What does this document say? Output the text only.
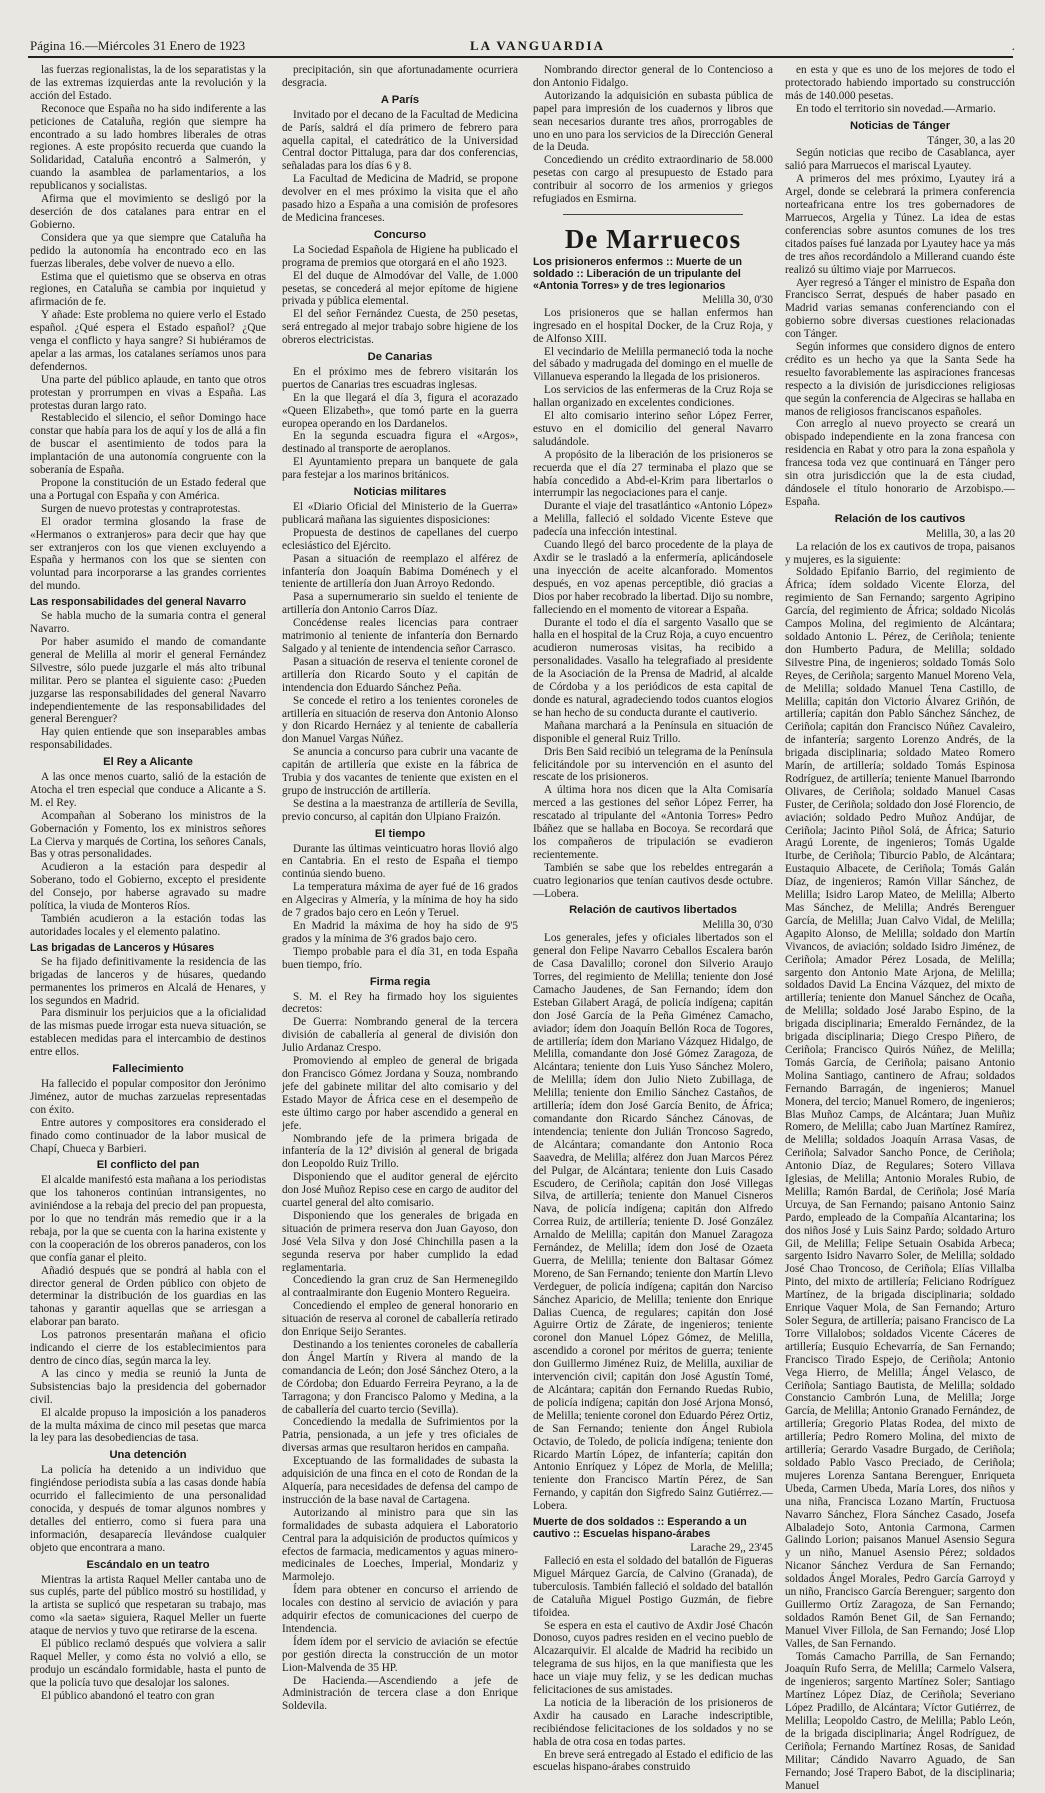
Página 16.—Miércoles 31 Enero de 1923	LA VANGUARDIA	.

las fuerzas regionalistas, la de los separatistas y la de las extremas izquierdas ante la revolución y la acción del Estado.

Reconoce que España no ha sido indiferente a las peticiones de Cataluña, región que siempre ha encontrado a su lado hombres liberales de otras regiones. A este propósito recuerda que cuando la Solidaridad, Cataluña encontró a Salmerón, y cuando la asamblea de parlamentarios, a los republicanos y socialistas.

Afirma que el movimiento se desligó por la deserción de dos catalanes para entrar en el Gobierno.

Considera que ya que siempre que Cataluña ha pedido la autonomía ha encontrado eco en las fuerzas liberales, debe volver de nuevo a ello.

Estima que el quietismo que se observa en otras regiones, en Cataluña se cambia por inquietud y afirmación de fe.

Y añade: Este problema no quiere verlo el Estado español. ¿Qué espera el Estado español? ¿Que venga el conflicto y haya sangre? Si hubiéramos de apelar a las armas, los catalanes seríamos unos para defendernos.

Una parte del público aplaude, en tanto que otros protestan y prorrumpen en vivas a España. Las protestas duran largo rato.

Restablecido el silencio, el señor Domingo hace constar que había para los de aquí y los de allá a fin de buscar el asentimiento de todos para la implantación de una autonomía congruente con la soberanía de España.

Propone la constitución de un Estado federal que una a Portugal con España y con América.

Surgen de nuevo protestas y contraprotestas.

El orador termina glosando la frase de «Hermanos o extranjeros» para decir que hay que ser extranjeros con los que vienen excluyendo a España y hermanos con los que se sienten con voluntad para incorporarse a las grandes corrientes del mundo.

Las responsabilidades del general Navarro

Se habla mucho de la sumaria contra el general Navarro.

Por haber asumido el mando de comandante general de Melilla al morir el general Fernández Silvestre, sólo puede juzgarle el más alto tribunal militar. Pero se plantea el siguiente caso: ¿Pueden juzgarse las responsabilidades del general Navarro independientemente de las responsabilidades del general Berenguer?

Hay quien entiende que son inseparables ambas responsabilidades.

El Rey a Alicante

A las once menos cuarto, salió de la estación de Atocha el tren especial que conduce a Alicante a S. M. el Rey.

Acompañan al Soberano los ministros de la Gobernación y Fomento, los ex ministros señores La Cierva y marqués de Cortina, los señores Canals, Bas y otras personalidades.

Acudieron a la estación para despedir al Soberano, todo el Gobierno, excepto el presidente del Consejo, por haberse agravado su madre política, la viuda de Monteros Ríos.

También acudieron a la estación todas las autoridades locales y el elemento palatino.

Las brigadas de Lanceros y Húsares

Se ha fijado definitivamente la residencia de las brigadas de lanceros y de húsares, quedando permanentes los primeros en Alcalá de Henares, y los segundos en Madrid.

Para disminuir los perjuicios que a la oficialidad de las mismas puede irrogar esta nueva situación, se establecen medidas para el intercambio de destinos entre ellos.

Fallecimiento

Ha fallecido el popular compositor don Jerónimo Jiménez, autor de muchas zarzuelas representadas con éxito.

Entre autores y compositores era considerado el finado como continuador de la labor musical de Chapí, Chueca y Barbieri.

El conflicto del pan

El alcalde manifestó esta mañana a los periodistas que los tahoneros continúan intransigentes, no aviniéndose a la rebaja del precio del pan propuesta, por lo que no tendrán más remedio que ir a la rebaja, por la que se cuenta con la harina existente y con la cooperación de los obreros panaderos, con los que confía ganar el pleito.

Añadió después que se pondrá al habla con el director general de Orden público con objeto de determinar la distribución de los guardias en las tahonas y garantir aquellas que se arriesgan a elaborar pan barato.

Los patronos presentarán mañana el oficio indicando el cierre de los establecimientos para dentro de cinco días, según marca la ley.

A las cinco y media se reunió la Junta de Subsistencias bajo la presidencia del gobernador civil.

El alcalde propuso la imposición a los panaderos de la multa máxima de cinco mil pesetas que marca la ley para las desobediencias de tasa.

Una detención

La policía ha detenido a un individuo que fingiéndose periodista subía a las casas donde había ocurrido el fallecimiento de una personalidad conocida, y después de tomar algunos nombres y detalles del entierro, como si fuera para una información, desaparecía llevándose cualquier objeto que encontrara a mano.

Escándalo en un teatro

Mientras la artista Raquel Meller cantaba uno de sus cuplés, parte del público mostró su hostilidad, y la artista se suplicó que respetaran su trabajo, mas como «la saeta» siguiera, Raquel Meller un fuerte ataque de nervios y tuvo que retirarse de la escena.

El público reclamó después que volviera a salir Raquel Meller, y como ésta no volvió a ello, se produjo un escándalo formidable, hasta el punto de que la policía tuvo que desalojar los salones.

El público abandonó el teatro con gran

precipitación, sin que afortunadamente ocurriera desgracia.

A París

Invitado por el decano de la Facultad de Medicina de París, saldrá el día primero de febrero para aquella capital, el catedrático de la Universidad Central doctor Pittaluga, para dar dos conferencias, señaladas para los días 6 y 8.

La Facultad de Medicina de Madrid, se propone devolver en el mes próximo la visita que el año pasado hizo a España a una comisión de profesores de Medicina franceses.

Concurso

La Sociedad Española de Higiene ha publicado el programa de premios que otorgará en el año 1923.

El del duque de Almodóvar del Valle, de 1.000 pesetas, se concederá al mejor epítome de higiene privada y pública elemental.

El del señor Fernández Cuesta, de 250 pesetas, será entregado al mejor trabajo sobre higiene de los obreros electricistas.

De Canarias

En el próximo mes de febrero visitarán los puertos de Canarias tres escuadras inglesas.

En la que llegará el día 3, figura el acorazado «Queen Elizabeth», que tomó parte en la guerra europea operando en los Dardanelos.

En la segunda escuadra figura el «Argos», destinado al transporte de aeroplanos.

El Ayuntamiento prepara un banquete de gala para festejar a los marinos británicos.

Noticias militares

El «Diario Oficial del Ministerio de la Guerra» publicará mañana las siguientes disposiciones:

Propuesta de destinos de capellanes del cuerpo eclesiástico del Ejército.

Pasan a situación de reemplazo el alférez de infantería don Joaquín Babima Doménech y el teniente de artillería don Juan Arroyo Redondo.

Pasa a supernumerario sin sueldo el teniente de artillería don Antonio Carros Díaz.

Concédense reales licencias para contraer matrimonio al teniente de infantería don Bernardo Salgado y al teniente de intendencia señor Carrasco.

Pasan a situación de reserva el teniente coronel de artillería don Ricardo Souto y el capitán de intendencia don Eduardo Sánchez Peña.

Se concede el retiro a los tenientes coroneles de artillería en situación de reserva don Antonio Alonso y don Ricardo Hernáez y al teniente de caballería don Manuel Vargas Núñez.

Se anuncia a concurso para cubrir una vacante de capitán de artillería que existe en la fábrica de Trubia y dos vacantes de teniente que existen en el grupo de instrucción de artillería.

Se destina a la maestranza de artillería de Sevilla, previo concurso, al capitán don Ulpiano Fraizón.

El tiempo

Durante las últimas veinticuatro horas llovió algo en Cantabria. En el resto de España el tiempo continúa siendo bueno.

La temperatura máxima de ayer fué de 16 grados en Algeciras y Almería, y la mínima de hoy ha sido de 7 grados bajo cero en León y Teruel.

En Madrid la máxima de hoy ha sido de 9'5 grados y la mínima de 3'6 grados bajo cero.

Tiempo probable para el día 31, en toda España buen tiempo, frío.

Firma regia

S. M. el Rey ha firmado hoy los siguientes decretos:

De Guerra: Nombrando general de la tercera división de caballería al general de división don Julio Ardanaz Crespo.

Promoviendo al empleo de general de brigada don Francisco Gómez Jordana y Souza, nombrando jefe del gabinete militar del alto comisario y del Estado Mayor de África cese en el desempeño de este último cargo por haber ascendido a general en jefe.

Nombrando jefe de la primera brigada de infantería de la 12ª división al general de brigada don Leopoldo Ruiz Trillo.

Disponiendo que el auditor general de ejército don José Muñoz Repiso cese en cargo de auditor del cuartel general del alto comisario.

Disponiendo que los generales de brigada en situación de primera reserva don Juan Gayoso, don José Vela Silva y don José Chinchilla pasen a la segunda reserva por haber cumplido la edad reglamentaria.

Concediendo la gran cruz de San Hermenegildo al contraalmirante don Eugenio Montero Regueira.

Concediendo el empleo de general honorario en situación de reserva al coronel de caballería retirado don Enrique Seijo Serantes.

Destinando a los tenientes coroneles de caballería don Ángel Martín y Rivera al mando de la comandancia de León; don José Sánchez Otero, a la de Córdoba; don Eduardo Ferreira Peyrano, a la de Tarragona; y don Francisco Palomo y Medina, a la de caballería del cuarto tercio (Sevilla).

Concediendo la medalla de Sufrimientos por la Patria, pensionada, a un jefe y tres oficiales de diversas armas que resultaron heridos en campaña.

Exceptuando de las formalidades de subasta la adquisición de una finca en el coto de Rondan de la Alquería, para necesidades de defensa del campo de instrucción de la base naval de Cartagena.

Autorizando al ministro para que sin las formalidades de subasta adquiera el Laboratorio Central para la adquisición de productos químicos y efectos de farmacia, medicamentos y aguas minero-medicinales de Loeches, Imperial, Mondariz y Marmolejo.

Ídem para obtener en concurso el arriendo de locales con destino al servicio de aviación y para adquirir efectos de comunicaciones del cuerpo de Intendencia.

Ídem ídem por el servicio de aviación se efectúe por gestión directa la construcción de un motor Lion-Malvenda de 35 HP.

De Hacienda.—Ascendiendo a jefe de Administración de tercera clase a don Enrique Soldevila.

Nombrando director general de lo Contencioso a don Antonio Fidalgo.

Autorizando la adquisición en subasta pública de papel para impresión de los cuadernos y libros que sean necesarios durante tres años, prorrogables de uno en uno para los servicios de la Dirección General de la Deuda.

Concediendo un crédito extraordinario de 58.000 pesetas con cargo al presupuesto de Estado para contribuir al socorro de los armenios y griegos refugiados en Esmirna.

De Marruecos
Los prisioneros enfermos :: Muerte de un soldado :: Liberación de un tripulante del «Antonia Torres» y de tres legionarios

Melilla 30, 0'30

Los prisioneros que se hallan enfermos han ingresado en el hospital Docker, de la Cruz Roja, y de Alfonso XIII.

El vecindario de Melilla permaneció toda la noche del sábado y madrugada del domingo en el muelle de Villanueva esperando la llegada de los prisioneros.

Los servicios de las enfermeras de la Cruz Roja se hallan organizado en excelentes condiciones.

El alto comisario interino señor López Ferrer, estuvo en el domicilio del general Navarro saludándole.

A propósito de la liberación de los prisioneros se recuerda que el día 27 terminaba el plazo que se había concedido a Abd-el-Krim para libertarlos o interrumpir las negociaciones para el canje.

Durante el viaje del trasatlántico «Antonio López» a Melilla, falleció el soldado Vicente Esteve que padecía una infección intestinal.

Cuando llegó del barco procedente de la playa de Axdir se le trasladó a la enfermería, aplicándosele una inyección de aceite alcanforado. Momentos después, en voz apenas perceptible, dió gracias a Dios por haber recobrado la libertad. Dijo su nombre, falleciendo en el momento de vitorear a España.

Durante el todo el día el sargento Vasallo que se halla en el hospital de la Cruz Roja, a cuyo encuentro acudieron numerosas visitas, ha recibido a personalidades. Vasallo ha telegrafiado al presidente de la Asociación de la Prensa de Madrid, al alcalde de Córdoba y a los periódicos de esta capital de donde es natural, agradeciendo todos cuantos elogios se han hecho de su conducta durante el cautiverio.

Mañana marchará a la Península en situación de disponible el general Ruiz Trillo.

Dris Ben Said recibió un telegrama de la Península felicitándole por su intervención en el asunto del rescate de los prisioneros.

A última hora nos dicen que la Alta Comisaría merced a las gestiones del señor López Ferrer, ha rescatado al tripulante del «Antonia Torres» Pedro Ibáñez que se hallaba en Bocoya. Se recordará que los compañeros de tripulación se evadieron recientemente.

También se sabe que los rebeldes entregarán a cuatro legionarios que tenían cautivos desde octubre.—Lobera.

Relación de cautivos libertados

Melilla 30, 0'30

Los generales, jefes y oficiales libertados son el general don Felipe Navarro Ceballos Escalera barón de Casa Davalillo; coronel don Silverio Araujo Torres, del regimiento de Melilla; teniente don José Camacho Jaudenes, de San Fernando; ídem don Esteban Gilabert Aragá, de policía indígena; capitán don José García de la Peña Giménez Camacho, aviador; ídem don Joaquín Bellón Roca de Togores, de artillería; ídem don Mariano Vázquez Hidalgo, de Melilla, comandante don José Gómez Zaragoza, de Alcántara; teniente don Luis Yuso Sánchez Molero, de Melilla; ídem don Julio Nieto Zubillaga, de Melilla; teniente don Emilio Sánchez Castaños, de artillería; ídem don José García Benito, de África; comandante don Ricardo Sánchez Cánovas, de intendencia; teniente don Julián Troncoso Sagredo, de Alcántara; comandante don Antonio Roca Saavedra, de Melilla; alférez don Juan Marcos Pérez del Pulgar, de Alcántara; teniente don Luis Casado Escudero, de Ceriñola; capitán don José Villegas Silva, de artillería; teniente don Manuel Cisneros Nava, de policía indígena; capitán don Alfredo Correa Ruiz, de artillería; teniente D. José González Arnaldo de Melilla; capitán don Manuel Zaragoza Fernández, de Melilla; ídem don José de Ozaeta Guerra, de Melilla; teniente don Baltasar Gómez Moreno, de San Fernando; teniente don Martín Llevo Verdeguer, de policía indígena; capitán don Narciso Sánchez Aparicio, de Melilla; teniente don Enrique Dalias Cuenca, de regulares; capitán don José Aguirre Ortiz de Zárate, de ingenieros; teniente coronel don Manuel López Gómez, de Melilla, ascendido a coronel por méritos de guerra; teniente don Guillermo Jiménez Ruiz, de Melilla, auxiliar de intervención civil; capitán don José Agustín Tomé, de Alcántara; capitán don Fernando Ruedas Rubio, de policía indígena; capitán don José Arjona Monsó, de Melilla; teniente coronel don Eduardo Pérez Ortiz, de San Fernando; teniente don Ángel Rubiola Octavio, de Toledo, de policía indígena; teniente don Ricardo Martín López, de infantería; capitán don Antonio Enríquez y López de Morla, de Melilla; teniente don Francisco Martín Pérez, de San Fernando, y capitán don Sigfredo Sainz Gutiérrez.—Lobera.

Muerte de dos soldados :: Esperando a un cautivo :: Escuelas hispano-árabes

Larache 29,, 23'45

Falleció en esta el soldado del batallón de Figueras Miguel Márquez García, de Calvino (Granada), de tuberculosis. También falleció el soldado del batallón de Cataluña Miguel Postigo Guzmán, de fiebre tifoidea.

Se espera en esta el cautivo de Axdir José Chacón Donoso, cuyos padres residen en el vecino pueblo de Alcazarquivir. El alcalde de Madrid ha recibido un telegrama de sus hijos, en la que manifiesta que les hace un viaje muy feliz, y se les dedican muchas felicitaciones de sus amistades.

La noticia de la liberación de los prisioneros de Axdir ha causado en Larache indescriptible, recibiéndose felicitaciones de los soldados y no se habla de otra cosa en todas partes.

En breve será entregado al Estado el edificio de las escuelas hispano-árabes construido

en esta y que es uno de los mejores de todo el protectorado habiendo importado su construcción más de 140.000 pesetas.

En todo el territorio sin novedad.—Armario.

Noticias de Tánger

Tánger, 30, a las 20

Según noticias que recibo de Casablanca, ayer salió para Marruecos el mariscal Lyautey.

A primeros del mes próximo, Lyautey irá a Argel, donde se celebrará la primera conferencia norteafricana entre los tres gobernadores de Marruecos, Argelia y Túnez. La idea de estas conferencias sobre asuntos comunes de los tres citados países fué lanzada por Lyautey hace ya más de tres años recordándolo a Millerand cuando éste realizó su último viaje por Marruecos.

Ayer regresó a Tánger el ministro de España don Francisco Serrat, después de haber pasado en Madrid varias semanas conferenciando con el gobierno sobre diversas cuestiones relacionadas con Tánger.

Según informes que considero dignos de entero crédito es un hecho ya que la Santa Sede ha resuelto favorablemente las aspiraciones francesas respecto a la división de jurisdicciones religiosas que según la conferencia de Algeciras se hallaba en manos de religiosos franciscanos españoles.

Con arreglo al nuevo proyecto se creará un obispado independiente en la zona francesa con residencia en Rabat y otro para la zona española y francesa toda vez que continuará en Tánger pero sin otra jurisdicción que la de esta ciudad, dándosele el título honorario de Arzobispo.—España.

Relación de los cautivos

Melilla, 30, a las 20

La relación de los ex cautivos de tropa, paisanos y mujeres, es la siguiente:

Soldado Epifanio Barrio, del regimiento de África; ídem soldado Vicente Elorza, del regimiento de San Fernando; sargento Agripino García, del regimiento de África; soldado Nicolás Campos Molina, del regimiento de Alcántara; soldado Antonio L. Pérez, de Ceriñola; teniente don Humberto Padura, de Melilla; soldado Silvestre Pina, de ingenieros; soldado Tomás Solo Reyes, de Ceriñola; sargento Manuel Moreno Vela, de Melilla; soldado Manuel Tena Castillo, de Melilla; capitán don Victorio Álvarez Griñón, de artillería; capitán don Pablo Sánchez Sánchez, de Ceriñola; capitán don Francisco Núñez Cavaleiro, de infantería; sargento Lorenzo Andrés, de la brigada disciplinaria; soldado Mateo Romero Marín, de artillería; soldado Tomás Espinosa Rodríguez, de artillería; teniente Manuel Ibarrondo Olivares, de Ceriñola; soldado Manuel Casas Fuster, de Ceriñola; soldado don José Florencio, de aviación; soldado Pedro Muñoz Andújar, de Ceriñola; Jacinto Piñol Solá, de África; Saturio Aragú Lorente, de ingenieros; Tomás Ugalde Iturbe, de Ceriñola; Tiburcio Pablo, de Alcántara; Eustaquio Albacete, de Ceriñola; Tomás Galán Díaz, de ingenieros; Ramón Villar Sánchez, de Melilla; Isidro Larop Mateo, de Melilla; Alberto Mas Sánchez, de Melilla; Andrés Berenguer García, de Melilla; Juan Calvo Vidal, de Melilla; Agapito Alonso, de Melilla; soldado don Martín Vivancos, de aviación; soldado Isidro Jiménez, de Ceriñola; Amador Pérez Losada, de Melilla; sargento don Antonio Mate Arjona, de Melilla; soldados David La Encina Vázquez, del mixto de artillería; teniente don Manuel Sánchez de Ocaña, de Melilla; soldado José Jarabo Espino, de la brigada disciplinaria; Emeraldo Fernández, de la brigada disciplinaria; Diego Crespo Piñero, de Ceriñola; Francisco Quirós Núñez, de Melilla; Tomás García, de Ceriñola; paisano Antonio Molina Santiago, cantinero de Afrau; soldados Fernando Barragán, de ingenieros; Manuel Monera, del tercio; Manuel Romero, de ingenieros; Blas Muñoz Camps, de Alcántara; Juan Muñiz Romero, de Melilla; cabo Juan Martínez Ramírez, de Melilla; soldados Joaquín Arrasa Vasas, de Ceriñola; Salvador Sancho Ponce, de Ceriñola; Antonio Díaz, de Regulares; Sotero Villava Iglesias, de Melilla; Antonio Morales Rubio, de Melilla; Ramón Bardal, de Ceriñola; José María Urcuya, de San Fernando; paisano Antonio Sainz Pardo, empleado de la Compañía Alcantarina; los dos niños José y Luis Sainz Pardo; soldado Arturo Gil, de Melilla; Felipe Setuain Osabida Arbeca; sargento Isidro Navarro Soler, de Melilla; soldado José Chao Troncoso, de Ceriñola; Elías Villalba Pinto, del mixto de artillería; Feliciano Rodríguez Martínez, de la brigada disciplinaria; soldado Enrique Vaquer Mola, de San Fernando; Arturo Soler Segura, de artillería; paisano Francisco de La Torre Villalobos; soldados Vicente Cáceres de artillería; Eusquio Echevarría, de San Fernando; Francisco Tirado Espejo, de Ceriñola; Antonio Vega Hierro, de Melilla; Ángel Velasco, de Ceriñola; Santiago Bautista, de Melilla; soldado Constancio Cambrón Luna, de Melilla; Jorge García, de Melilla; Antonio Granado Fernández, de artillería; Gregorio Platas Rodea, del mixto de artillería; Pedro Romero Molina, del mixto de artillería; Gerardo Vasadre Burgado, de Ceriñola; soldado Pablo Vasco Preciado, de Ceriñola; mujeres Lorenza Santana Berenguer, Enriqueta Ubeda, Carmen Ubeda, María Lores, dos niños y una niña, Francisca Lozano Martín, Fructuosa Navarro Sánchez, Flora Sánchez Casado, Josefa Albaladejo Soto, Antonia Carmona, Carmen Galindo Lorion; paisanos Manuel Asensio Segura y un niño, Manuel Asensio Pérez; soldados Nicanor Sánchez Verdura de San Fernando; soldados Ángel Morales, Pedro García Garroyd y un niño, Francisco García Berenguer; sargento don Guillermo Ortíz Zaragoza, de San Fernando; soldados Ramón Benet Gil, de San Fernando; Manuel Viver Fillola, de San Fernando; José Llop Valles, de San Fernando.

Tomás Camacho Parrilla, de San Fernando; Joaquín Rufo Serra, de Melilla; Carmelo Valsera, de ingenieros; sargento Martínez Soler; Santiago Martínez López Díaz, de Ceriñola; Severiano López Pradillo, de Alcántara; Víctor Gutiérrez, de Melilla; Leopoldo Castro, de Melilla; Pablo León, de la brigada disciplinaria; Ángel Rodríguez, de Ceriñola; Fernando Martínez Rosas, de Sanidad Militar; Cándido Navarro Aguado, de San Fernando; José Trapero Babot, de la disciplinaria; Manuel
